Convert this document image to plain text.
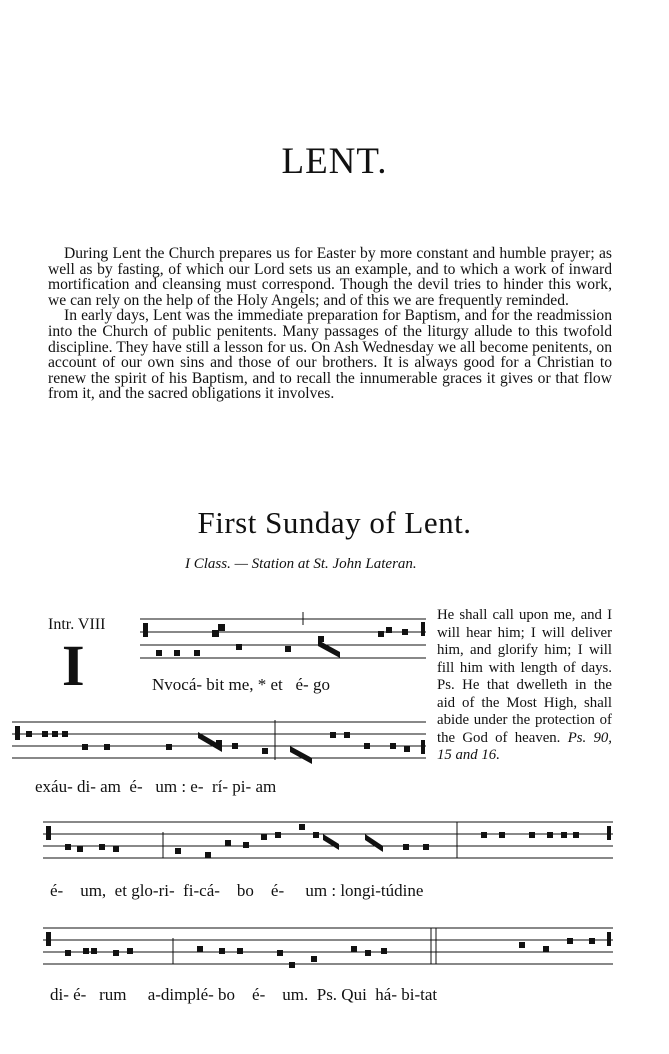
LENT.

During Lent the Church prepares us for Easter by more constant and humble prayer; as well as by fasting, of which our Lord sets us an example, and to which a work of inward mortification and cleansing must correspond. Though the devil tries to hinder this work, we can rely on the help of the Holy Angels; and of this we are frequently reminded.

In early days, Lent was the immediate preparation for Baptism, and for the readmission into the Church of public penitents. Many passages of the liturgy allude to this twofold discipline. They have still a lesson for us. On Ash Wednesday we all become penitents, on account of our own sins and those of our brothers. It is always good for a Christian to renew the spirit of his Baptism, and to recall the innumerable graces it gives or that flow from it, and the sacred obligations it involves.

First Sunday of Lent.
I Class. — Station at St. John Lateran.
Intr. VIII
I	Nvocá- bit me, * et   é- go
exáu- di- am  é-   um : e-  rí- pi- am
He shall call upon me, and I will hear him; I will deliver him, and glorify him; I will fill him with length of days. Ps. He that dwelleth in the aid of the Most High, shall abide under the protection of the God of heaven. Ps. 90, 15 and 16.
é-    um,  et glo-ri-  fi-cá-    bo    é-     um : longi-túdine
di- é-   rum     a-dimplé- bo    é-    um.  Ps. Qui  há- bi-tat
